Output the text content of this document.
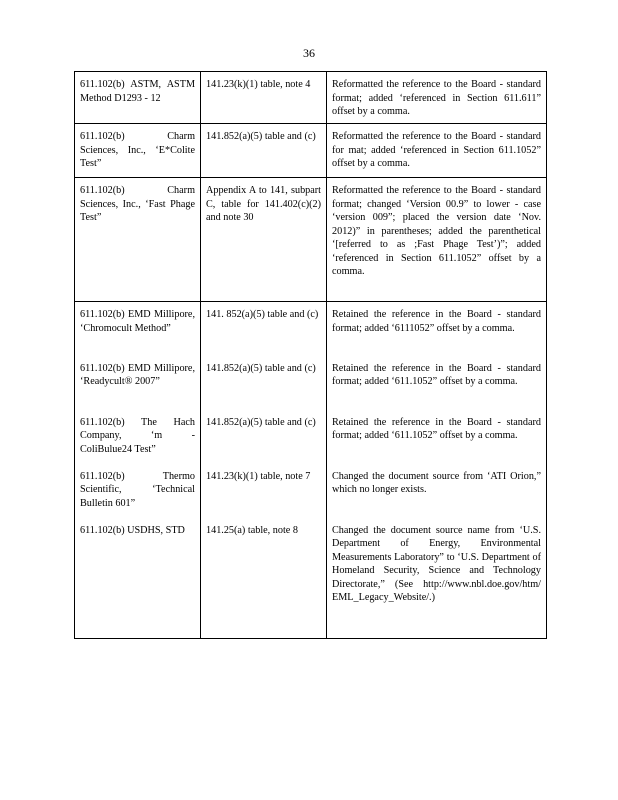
36
611.102(b) ASTM, ASTM Method D1293 - 12	141.23(k)(1) table, note 4	Reformatted the reference to the Board - standard format; added ‘referenced in Section 611.611” offset by a comma.
611.102(b) Charm Sciences, Inc., ‘E*Colite Test”	141.852(a)(5) table and (c)	Reformatted the reference to the Board - standard for mat; added ‘referenced in Section 611.1052” offset by a comma.
611.102(b) Charm Sciences, Inc., ‘Fast Phage Test”	Appendix A to 141, subpart C, table for 141.402(c)(2) and note 30	Reformatted the reference to the Board - standard format; changed ‘Version 00.9” to lower - case ‘version 009”; placed the version date ‘Nov. 2012)” in parentheses; added the parenthetical ‘[referred to as ;Fast Phage Test’)”; added ‘referenced in Section 611.1052” offset by a comma.
611.102(b) EMD Millipore, ‘Chromocult Method”	141. 852(a)(5) table and (c)	Retained the reference in the Board - standard format; added ‘6111052” offset by a comma.
611.102(b) EMD Millipore, ‘Readycult® 2007”	141.852(a)(5) table and (c)	Retained the reference in the Board - standard format; added ‘611.1052” offset by a comma.
611.102(b) The Hach Company, ‘m - ColiBulue24 Test”	141.852(a)(5) table and (c)	Retained the reference in the Board - standard format; added ‘611.1052” offset by a comma.
611.102(b) Thermo Scientific, ‘Technical Bulletin 601”	141.23(k)(1) table, note 7	Changed the document source from ‘ATI Orion,” which no longer exists.
611.102(b) USDHS, STD	141.25(a) table, note 8	Changed the document source name from ‘U.S. Department of Energy, Environmental Measurements Laboratory” to ‘U.S. Department of Homeland Security, Science and Technology Directorate,” (See http://www.nbl.doe.gov/htm/ EML_Legacy_Website/.)
